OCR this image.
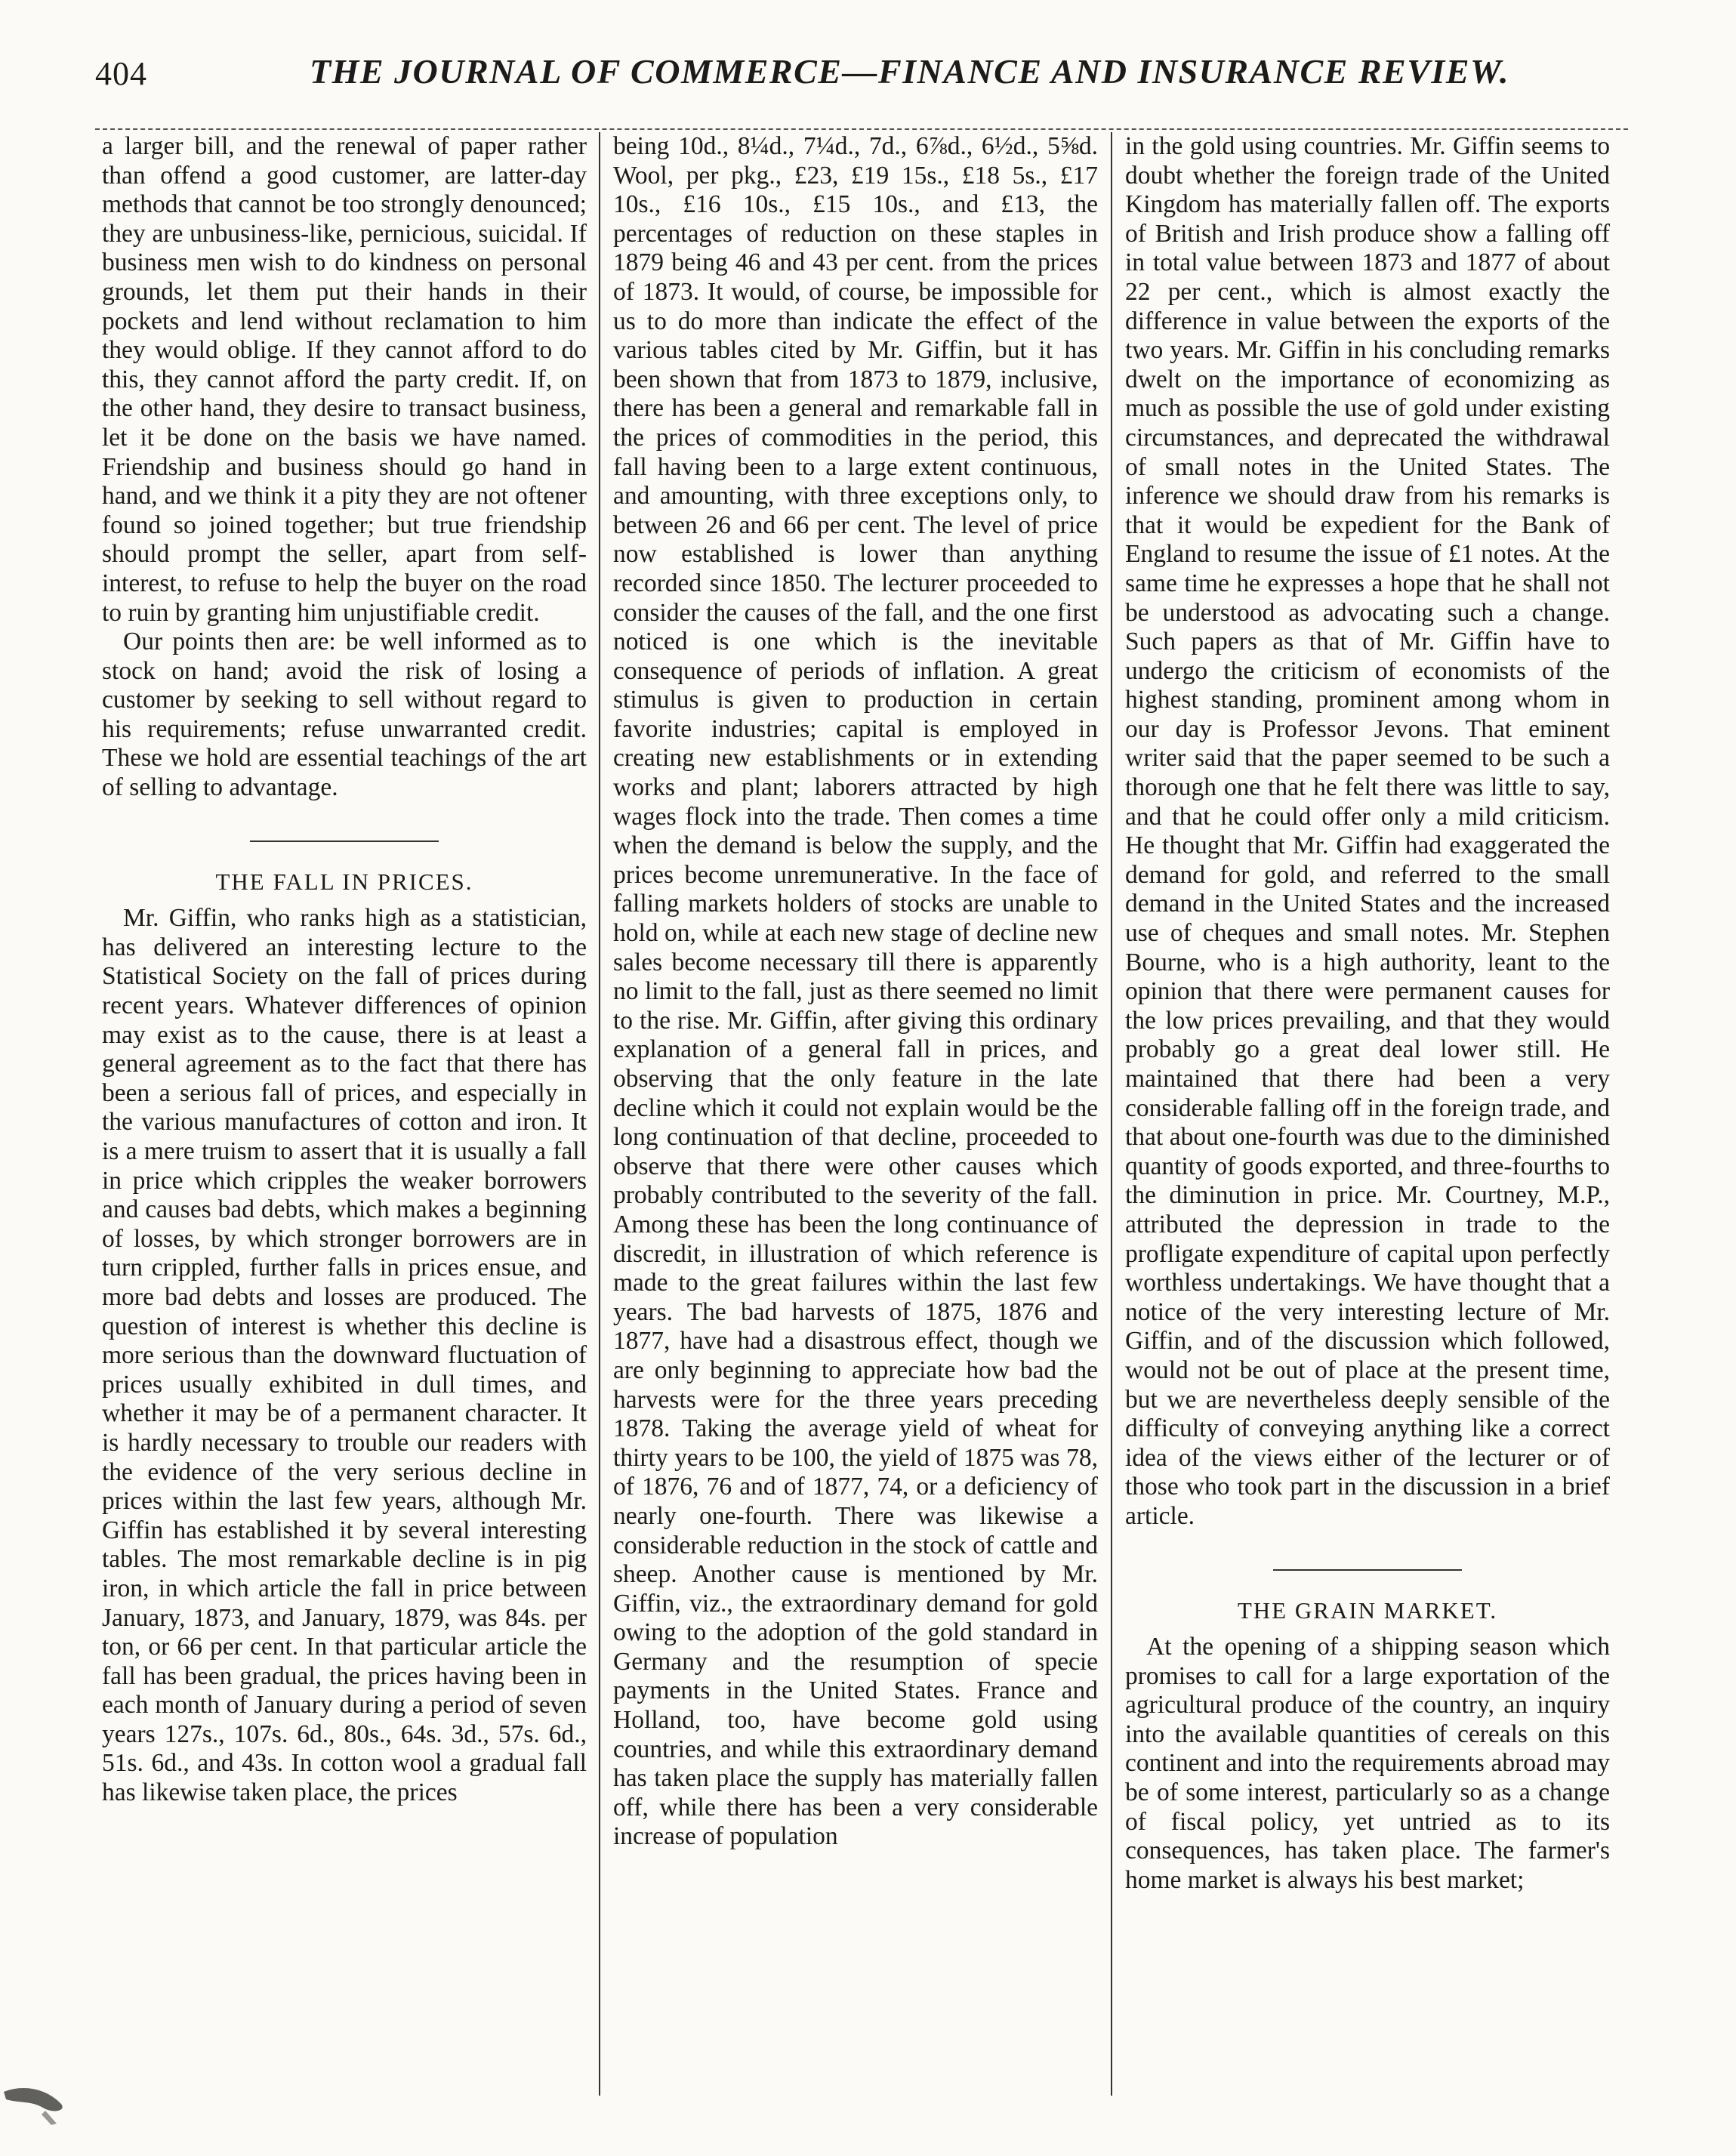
404	THE JOURNAL OF COMMERCE—FINANCE AND INSURANCE REVIEW.

a larger bill, and the renewal of paper rather than offend a good customer, are latter-day methods that cannot be too strongly denounced; they are unbusiness-like, pernicious, suicidal. If business men wish to do kindness on personal grounds, let them put their hands in their pockets and lend without reclamation to him they would oblige. If they cannot afford to do this, they cannot afford the party credit. If, on the other hand, they desire to transact business, let it be done on the basis we have named. Friendship and business should go hand in hand, and we think it a pity they are not oftener found so joined together; but true friendship should prompt the seller, apart from self-interest, to refuse to help the buyer on the road to ruin by granting him unjustifiable credit.

Our points then are: be well informed as to stock on hand; avoid the risk of losing a customer by seeking to sell without regard to his requirements; refuse unwarranted credit. These we hold are essential teachings of the art of selling to advantage.

THE FALL IN PRICES.

Mr. Giffin, who ranks high as a statistician, has delivered an interesting lecture to the Statistical Society on the fall of prices during recent years. Whatever differences of opinion may exist as to the cause, there is at least a general agreement as to the fact that there has been a serious fall of prices, and especially in the various manufactures of cotton and iron. It is a mere truism to assert that it is usually a fall in price which cripples the weaker borrowers and causes bad debts, which makes a beginning of losses, by which stronger borrowers are in turn crippled, further falls in prices ensue, and more bad debts and losses are produced. The question of interest is whether this decline is more serious than the downward fluctuation of prices usually exhibited in dull times, and whether it may be of a permanent character. It is hardly necessary to trouble our readers with the evidence of the very serious decline in prices within the last few years, although Mr. Giffin has established it by several interesting tables. The most remarkable decline is in pig iron, in which article the fall in price between January, 1873, and January, 1879, was 84s. per ton, or 66 per cent. In that particular article the fall has been gradual, the prices having been in each month of January during a period of seven years 127s., 107s. 6d., 80s., 64s. 3d., 57s. 6d., 51s. 6d., and 43s. In cotton wool a gradual fall has likewise taken place, the prices

being 10d., 8¼d., 7¼d., 7d., 6⅞d., 6½d., 5⅝d. Wool, per pkg., £23, £19 15s., £18 5s., £17 10s., £16 10s., £15 10s., and £13, the percentages of reduction on these staples in 1879 being 46 and 43 per cent. from the prices of 1873. It would, of course, be impossible for us to do more than indicate the effect of the various tables cited by Mr. Giffin, but it has been shown that from 1873 to 1879, inclusive, there has been a general and remarkable fall in the prices of commodities in the period, this fall having been to a large extent continuous, and amounting, with three exceptions only, to between 26 and 66 per cent. The level of price now established is lower than anything recorded since 1850. The lecturer proceeded to consider the causes of the fall, and the one first noticed is one which is the inevitable consequence of periods of inflation. A great stimulus is given to production in certain favorite industries; capital is employed in creating new establishments or in extending works and plant; laborers attracted by high wages flock into the trade. Then comes a time when the demand is below the supply, and the prices become unremunerative. In the face of falling markets holders of stocks are unable to hold on, while at each new stage of decline new sales become necessary till there is apparently no limit to the fall, just as there seemed no limit to the rise. Mr. Giffin, after giving this ordinary explanation of a general fall in prices, and observing that the only feature in the late decline which it could not explain would be the long continuation of that decline, proceeded to observe that there were other causes which probably contributed to the severity of the fall. Among these has been the long continuance of discredit, in illustration of which reference is made to the great failures within the last few years. The bad harvests of 1875, 1876 and 1877, have had a disastrous effect, though we are only beginning to appreciate how bad the harvests were for the three years preceding 1878. Taking the average yield of wheat for thirty years to be 100, the yield of 1875 was 78, of 1876, 76 and of 1877, 74, or a deficiency of nearly one-fourth. There was likewise a considerable reduction in the stock of cattle and sheep. Another cause is mentioned by Mr. Giffin, viz., the extraordinary demand for gold owing to the adoption of the gold standard in Germany and the resumption of specie payments in the United States. France and Holland, too, have become gold using countries, and while this extraordinary demand has taken place the supply has materially fallen off, while there has been a very considerable increase of population

in the gold using countries. Mr. Giffin seems to doubt whether the foreign trade of the United Kingdom has materially fallen off. The exports of British and Irish produce show a falling off in total value between 1873 and 1877 of about 22 per cent., which is almost exactly the difference in value between the exports of the two years. Mr. Giffin in his concluding remarks dwelt on the importance of economizing as much as possible the use of gold under existing circumstances, and deprecated the withdrawal of small notes in the United States. The inference we should draw from his remarks is that it would be expedient for the Bank of England to resume the issue of £1 notes. At the same time he expresses a hope that he shall not be understood as advocating such a change. Such papers as that of Mr. Giffin have to undergo the criticism of economists of the highest standing, prominent among whom in our day is Professor Jevons. That eminent writer said that the paper seemed to be such a thorough one that he felt there was little to say, and that he could offer only a mild criticism. He thought that Mr. Giffin had exaggerated the demand for gold, and referred to the small demand in the United States and the increased use of cheques and small notes. Mr. Stephen Bourne, who is a high authority, leant to the opinion that there were permanent causes for the low prices prevailing, and that they would probably go a great deal lower still. He maintained that there had been a very considerable falling off in the foreign trade, and that about one-fourth was due to the diminished quantity of goods exported, and three-fourths to the diminution in price. Mr. Courtney, M.P., attributed the depression in trade to the profligate expenditure of capital upon perfectly worthless undertakings. We have thought that a notice of the very interesting lecture of Mr. Giffin, and of the discussion which followed, would not be out of place at the present time, but we are nevertheless deeply sensible of the difficulty of conveying anything like a correct idea of the views either of the lecturer or of those who took part in the discussion in a brief article.

THE GRAIN MARKET.

At the opening of a shipping season which promises to call for a large exportation of the agricultural produce of the country, an inquiry into the available quantities of cereals on this continent and into the requirements abroad may be of some interest, particularly so as a change of fiscal policy, yet untried as to its consequences, has taken place. The farmer's home market is always his best market;
